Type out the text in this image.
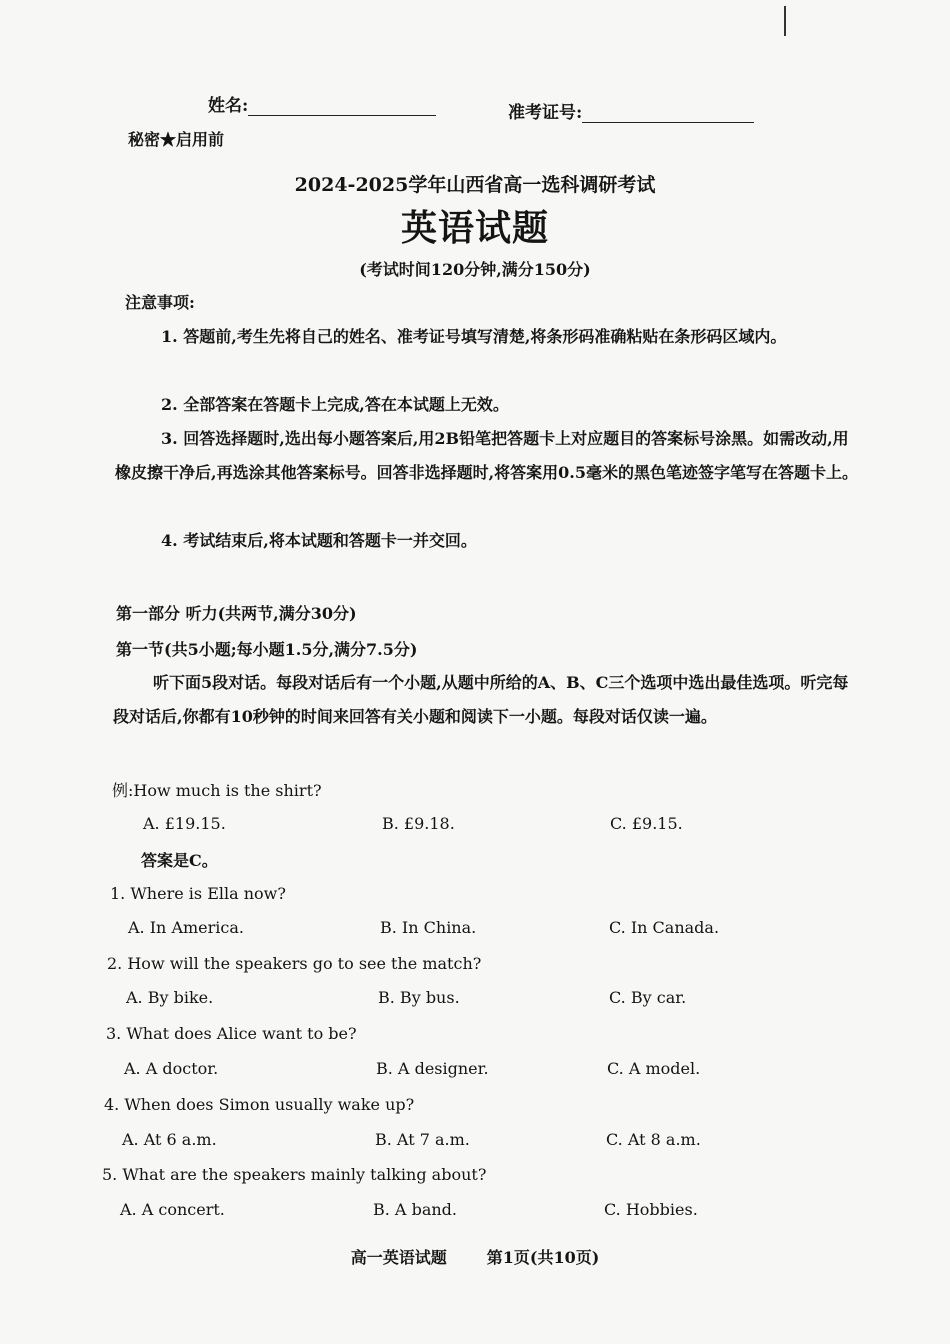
姓名:	准考证号:
秘密★启用前
2024-2025学年山西省高一选科调研考试
英语试题
(考试时间120分钟,满分150分)
注意事项:
1. 答题前,考生先将自己的姓名、准考证号填写清楚,将条形码准确粘贴在条形码区域内。
2. 全部答案在答题卡上完成,答在本试题上无效。
3. 回答选择题时,选出每小题答案后,用2B铅笔把答题卡上对应题目的答案标号涂黑。如需改动,用橡皮擦干净后,再选涂其他答案标号。回答非选择题时,将答案用0.5毫米的黑色笔迹签字笔写在答题卡上。
4. 考试结束后,将本试题和答题卡一并交回。
第一部分 听力(共两节,满分30分)
第一节(共5小题;每小题1.5分,满分7.5分)
听下面5段对话。每段对话后有一个小题,从题中所给的A、B、C三个选项中选出最佳选项。听完每段对话后,你都有10秒钟的时间来回答有关小题和阅读下一小题。每段对话仅读一遍。
例:How much is the shirt?
A. £19.15.	B. £9.18.	C. £9.15.
答案是C。
1. Where is Ella now?
A. In America.	B. In China.	C. In Canada.
2. How will the speakers go to see the match?
A. By bike.	B. By bus.	C. By car.
3. What does Alice want to be?
A. A doctor.	B. A designer.	C. A model.
4. When does Simon usually wake up?
A. At 6 a.m.	B. At 7 a.m.	C. At 8 a.m.
5. What are the speakers mainly talking about?
A. A concert.	B. A band.	C. Hobbies.
高一英语试题	第1页(共10页)
